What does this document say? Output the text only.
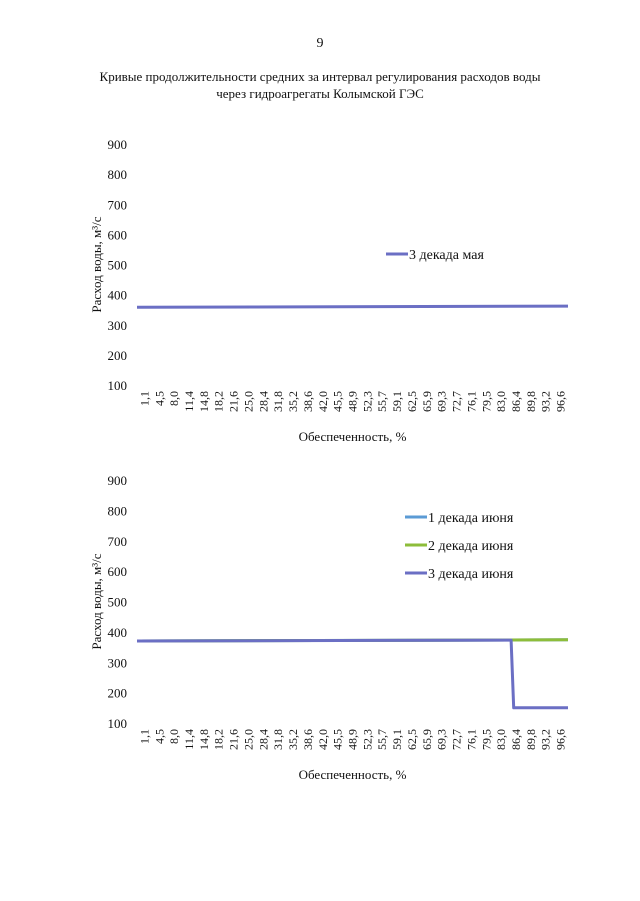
9
Кривые продолжительности средних за интервал регулирования расходов воды
через гидроагрегаты Колымской ГЭС
900
800
700
600
500
400
300
200
100
1,1 4,5 8,0 11,4 14,8 18,2 21,6 25,0 28,4 31,8 35,2 38,6 42,0 45,5 48,9 52,3 55,7 59,1 62,5 65,9 69,3 72,7 76,1 79,5 83,0 86,4 89,8 93,2 96,6
Обеспеченность, %
Расход воды, м³/с	3 декада мая
900
800
700
600
500
400
300
200
100
1,1 4,5 8,0 11,4 14,8 18,2 21,6 25,0 28,4 31,8 35,2 38,6 42,0 45,5 48,9 52,3 55,7 59,1 62,5 65,9 69,3 72,7 76,1 79,5 83,0 86,4 89,8 93,2 96,6
Обеспеченность, %
Расход воды, м³/с
1 декада июня
2 декада июня
3 декада июня
